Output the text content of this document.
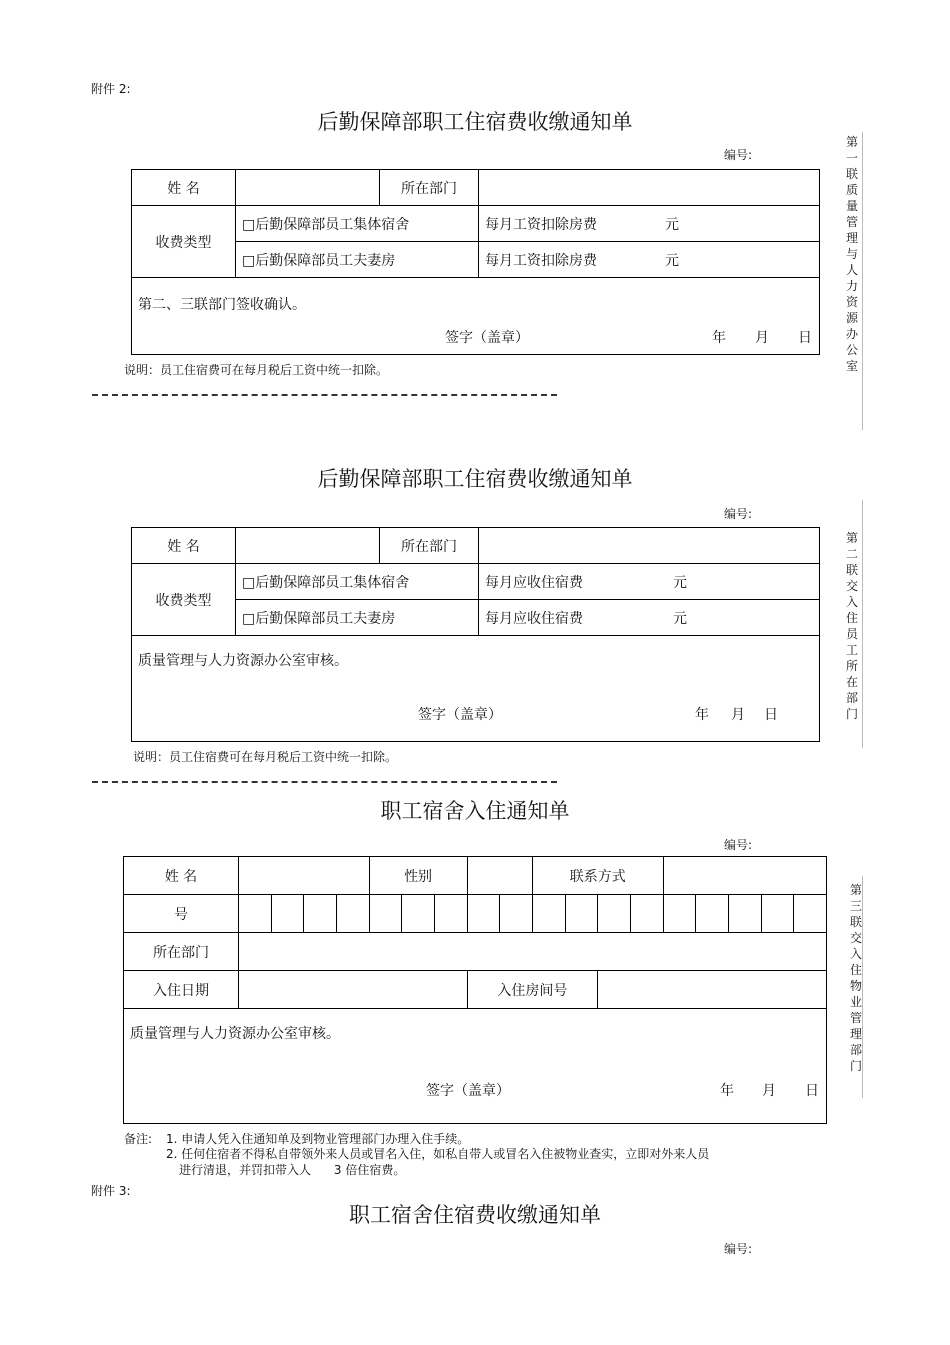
附件 2:
后勤保障部职工住宿费收缴通知单
编号:
姓 名		所在部门	
收费类型	□后勤保障部员工集体宿舍		每月工资扣除房费 元
	□后勤保障部员工夫妻房		每月工资扣除房费 元

第二、三联部门签收确认。
签字（盖章） 年 月 日			
说明：员工住宿费可在每月税后工资中统一扣除。
第一联 质量管理与人力资源办公室
后勤保障部职工住宿费收缴通知单
编号:
姓 名		所在部门	
收费类型	□后勤保障部员工集体宿舍		每月应收住宿费 元
	□后勤保障部员工夫妻房		每月应收住宿费 元

质量管理与人力资源办公室审核。
签字（盖章） 年 月 日			
说明：员工住宿费可在每月税后工资中统一扣除。
第二联 交入住员工所在部门
职工宿舍入住通知单
编号:
姓 名					性别					联系方式								
号																		
所在部门																		
入住日期								入住房间号										

质量管理与人力资源办公室审核。
签字（盖章） 年 月 日																		
第三联 交入住物业管理部门
备注: 1. 申请人凭入住通知单及到物业管理部门办理入住手续。
2. 任何住宿者不得私自带领外来人员或冒名入住，如私自带人或冒名入住被物业查实，立即对外来人员
进行清退，并罚扣带入人      3 倍住宿费。
附件 3:
职工宿舍住宿费收缴通知单
编号:
